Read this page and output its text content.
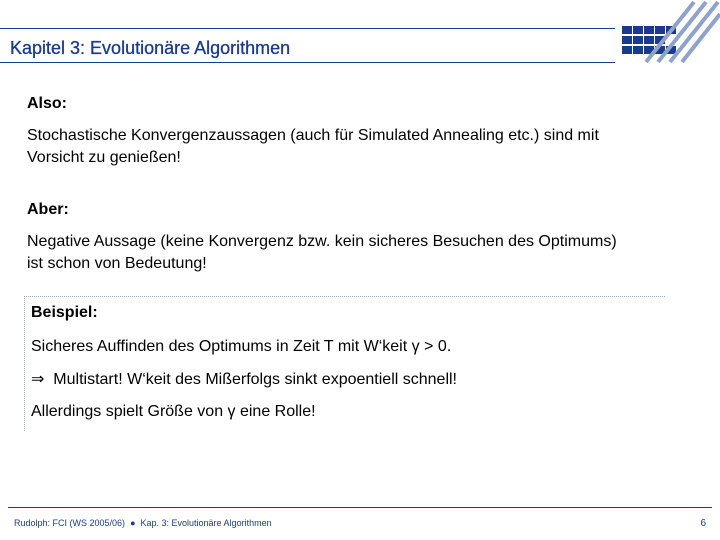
Kapitel 3: Evolutionäre Algorithmen

Also:

Stochastische Konvergenzaussagen (auch für Simulated Annealing etc.) sind mit

Vorsicht zu genießen!

Aber:

Negative Aussage (keine Konvergenz bzw. kein sicheres Besuchen des Optimums)

ist schon von Bedeutung!

Beispiel:

Sicheres Auffinden des Optimums in Zeit T mit W‘keit γ > 0.

⇒ Multistart! W‘keit des Mißerfolgs sinkt expoentiell schnell!

Allerdings spielt Größe von γ eine Rolle!

Rudolph: FCI (WS 2005/06) ● Kap. 3: Evolutionäre Algorithmen	6
